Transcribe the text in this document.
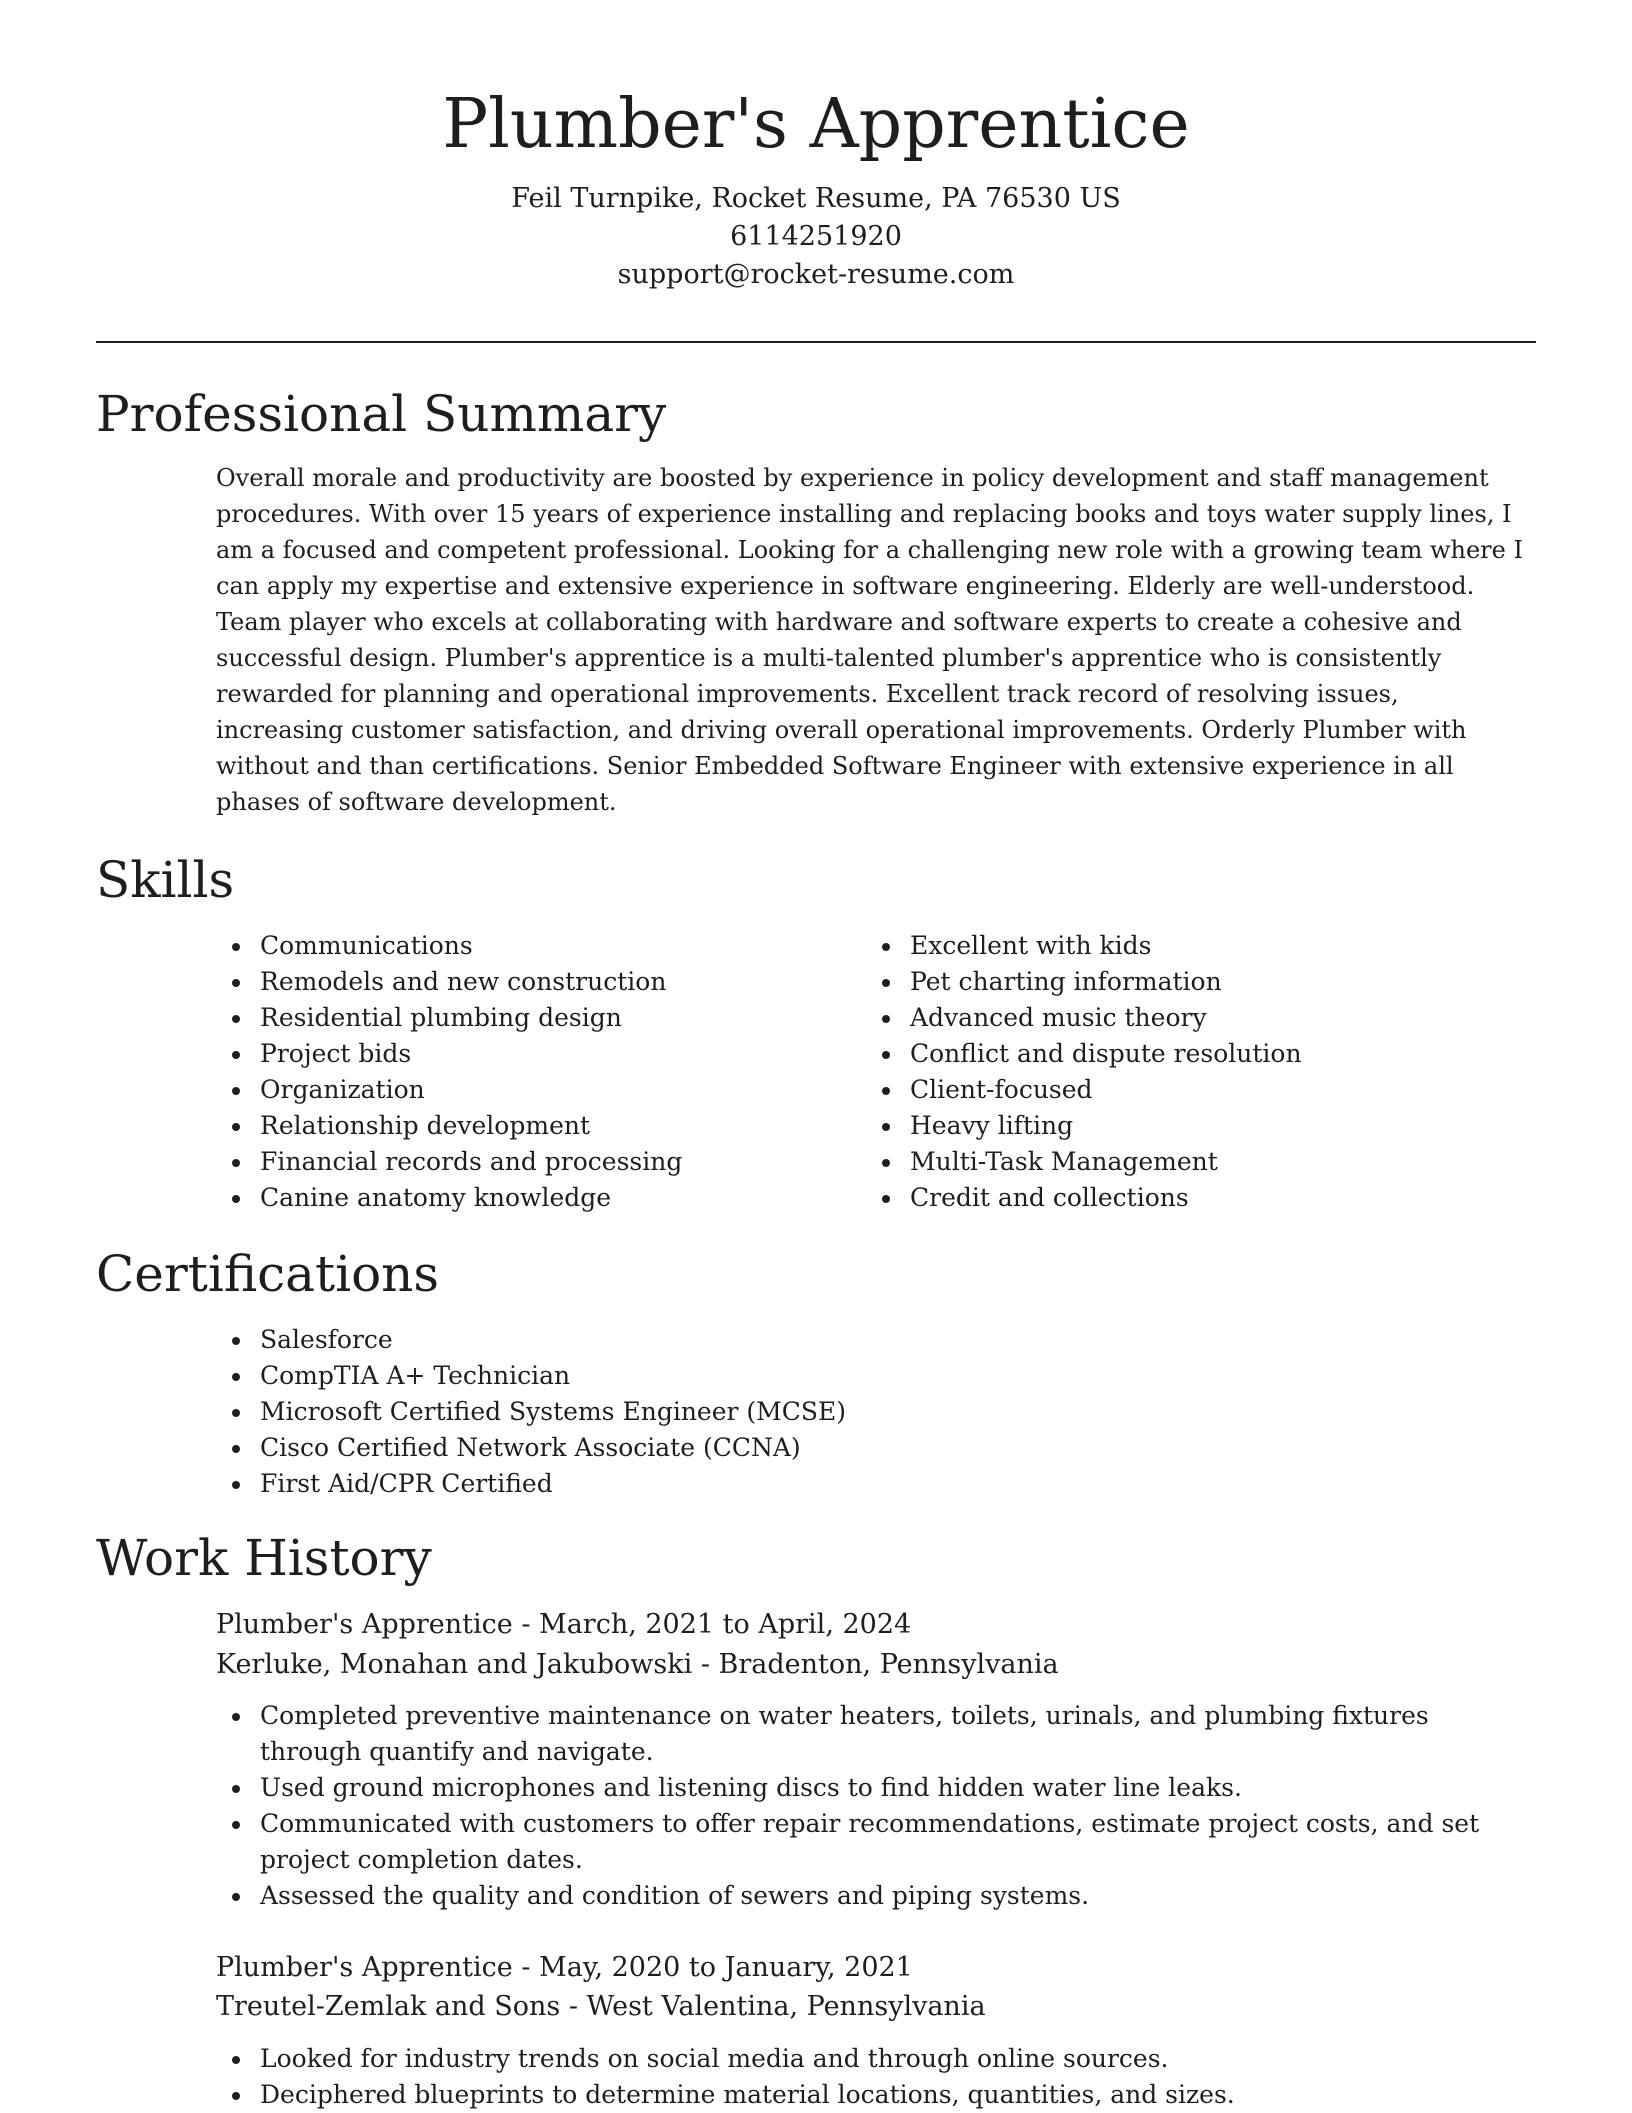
Plumber's Apprentice

Feil Turnpike, Rocket Resume, PA 76530 US

6114251920

support@rocket-resume.com

Professional Summary

Overall morale and productivity are boosted by experience in policy development and staff management procedures. With over 15 years of experience installing and replacing books and toys water supply lines, I am a focused and competent professional. Looking for a challenging new role with a growing team where I can apply my expertise and extensive experience in software engineering. Elderly are well-understood. Team player who excels at collaborating with hardware and software experts to create a cohesive and successful design. Plumber's apprentice is a multi-talented plumber's apprentice who is consistently rewarded for planning and operational improvements. Excellent track record of resolving issues, increasing customer satisfaction, and driving overall operational improvements. Orderly Plumber with without and than certifications. Senior Embedded Software Engineer with extensive experience in all phases of software development.

Skills
Communications
Remodels and new construction
Residential plumbing design
Project bids
Organization
Relationship development
Financial records and processing
Canine anatomy knowledge
Excellent with kids
Pet charting information
Advanced music theory
Conflict and dispute resolution
Client-focused
Heavy lifting
Multi-Task Management
Credit and collections
Certifications
Salesforce
CompTIA A+ Technician
Microsoft Certified Systems Engineer (MCSE)
Cisco Certified Network Associate (CCNA)
First Aid/CPR Certified
Work History

Plumber's Apprentice - March, 2021 to April, 2024

Kerluke, Monahan and Jakubowski - Bradenton, Pennsylvania

Completed preventive maintenance on water heaters, toilets, urinals, and plumbing fixtures through quantify and navigate.
Used ground microphones and listening discs to find hidden water line leaks.
Communicated with customers to offer repair recommendations, estimate project costs, and set project completion dates.
Assessed the quality and condition of sewers and piping systems.

Plumber's Apprentice - May, 2020 to January, 2021

Treutel-Zemlak and Sons - West Valentina, Pennsylvania

Looked for industry trends on social media and through online sources.
Deciphered blueprints to determine material locations, quantities, and sizes.
